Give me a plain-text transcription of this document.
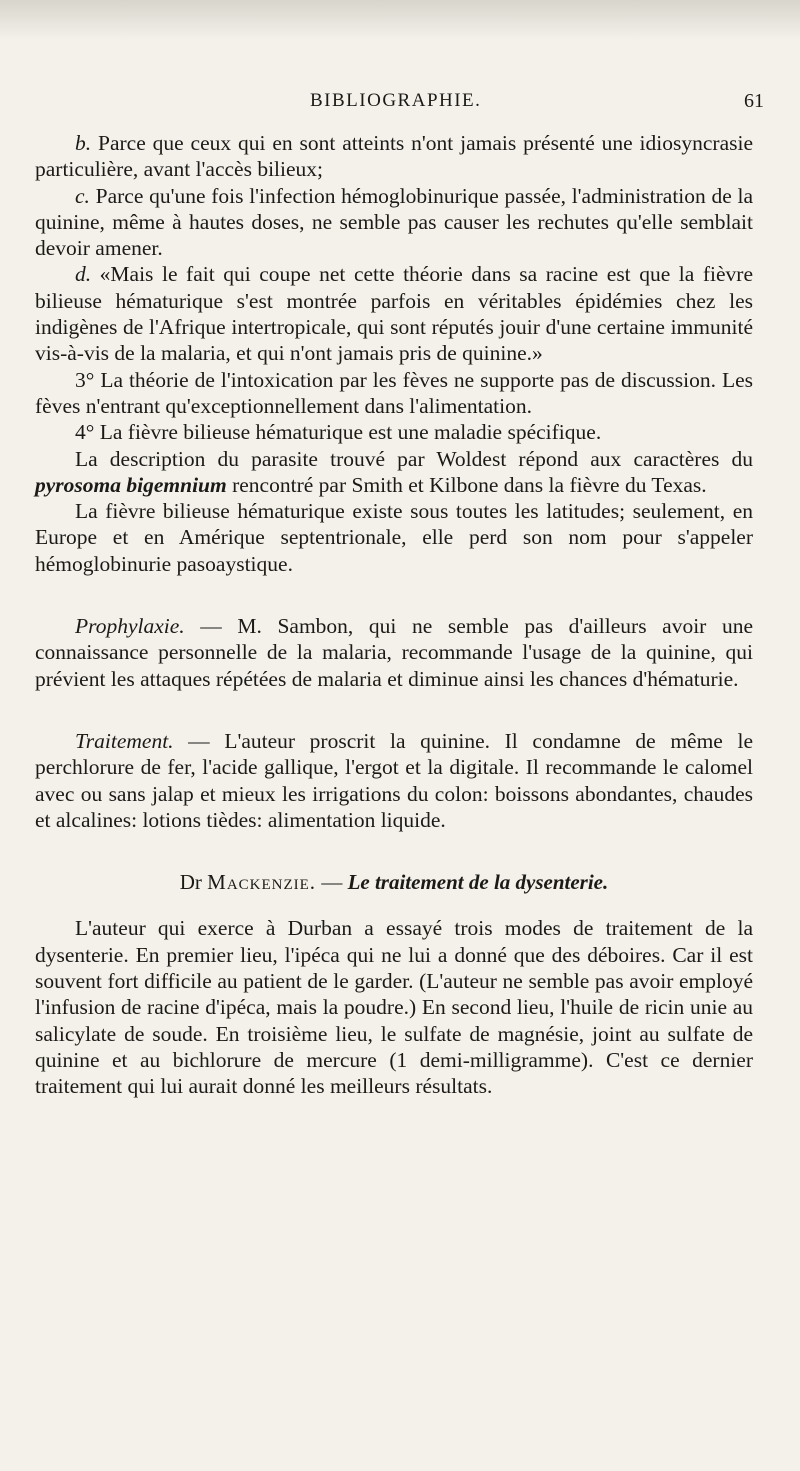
BIBLIOGRAPHIE.	61

b. Parce que ceux qui en sont atteints n'ont jamais présenté une idiosyncrasie particulière, avant l'accès bilieux;

c. Parce qu'une fois l'infection hémoglobinurique passée, l'administration de la quinine, même à hautes doses, ne semble pas causer les rechutes qu'elle semblait devoir amener.

d. «Mais le fait qui coupe net cette théorie dans sa racine est que la fièvre bilieuse hématurique s'est montrée parfois en véritables épidémies chez les indigènes de l'Afrique intertropicale, qui sont réputés jouir d'une certaine immunité vis-à-vis de la malaria, et qui n'ont jamais pris de quinine.»

3° La théorie de l'intoxication par les fèves ne supporte pas de discussion. Les fèves n'entrant qu'exceptionnellement dans l'alimentation.

4° La fièvre bilieuse hématurique est une maladie spécifique.

La description du parasite trouvé par Woldest répond aux caractères du pyrosoma bigemnium rencontré par Smith et Kilbone dans la fièvre du Texas.

La fièvre bilieuse hématurique existe sous toutes les latitudes; seulement, en Europe et en Amérique septentrionale, elle perd son nom pour s'appeler hémoglobinurie pasoaystique.

Prophylaxie. — M. Sambon, qui ne semble pas d'ailleurs avoir une connaissance personnelle de la malaria, recommande l'usage de la quinine, qui prévient les attaques répétées de malaria et diminue ainsi les chances d'hématurie.

Traitement. — L'auteur proscrit la quinine. Il condamne de même le perchlorure de fer, l'acide gallique, l'ergot et la digitale. Il recommande le calomel avec ou sans jalap et mieux les irrigations du colon: boissons abondantes, chaudes et alcalines: lotions tièdes: alimentation liquide.

Dr Mackenzie. — Le traitement de la dysenterie.

L'auteur qui exerce à Durban a essayé trois modes de traitement de la dysenterie. En premier lieu, l'ipéca qui ne lui a donné que des déboires. Car il est souvent fort difficile au patient de le garder. (L'auteur ne semble pas avoir employé l'infusion de racine d'ipéca, mais la poudre.) En second lieu, l'huile de ricin unie au salicylate de soude. En troisième lieu, le sulfate de magnésie, joint au sulfate de quinine et au bichlorure de mercure (1 demi-milligramme). C'est ce dernier traitement qui lui aurait donné les meilleurs résultats.
